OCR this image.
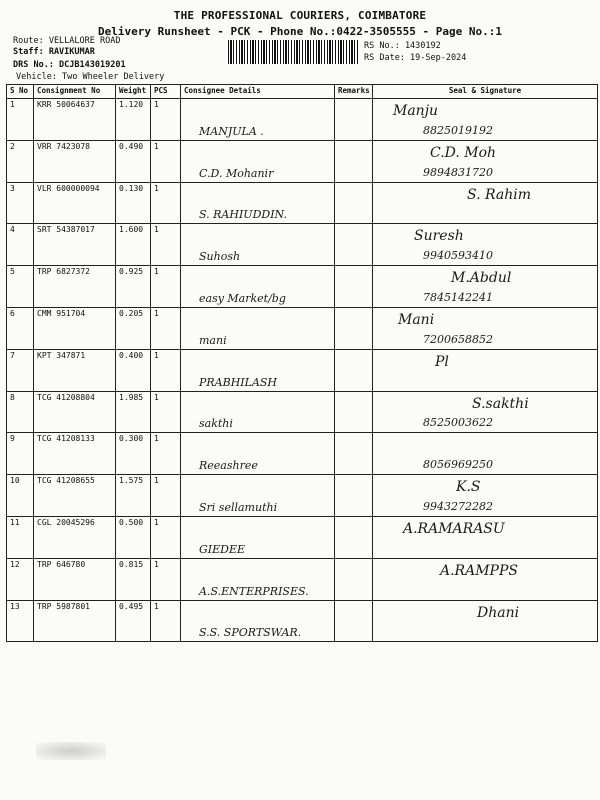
THE PROFESSIONAL COURIERS, COIMBATORE
Delivery Runsheet - PCK - Phone No.:0422-3505555 - Page No.:1
Route: VELLALORE ROAD
Staff: RAVIKUMAR
DRS No.: DCJB143019201
Vehicle: Two Wheeler Delivery
RS No.: 1430192
RS Date: 19-Sep-2024
S No	Consignment No	Weight	PCS	Consignee Details	Remarks	Seal & Signature
1	KRR 50064637	1.120	1	MANJULA .		Manju
8825019192

2	VRR 7423078	0.490	1	C.D. Mohanir		C.D. Moh
9894831720

3	VLR 600000094	0.130	1	S. RAHIUDDIN.		S. Rahim

4	SRT 54387017	1.600	1	Suhosh		Suresh
9940593410

5	TRP 6827372	0.925	1	easy Market/bg		M.Abdul
7845142241

6	CMM 951704	0.205	1	mani		Mani
7200658852

7	KPT 347871	0.400	1	PRABHILASH		Pl

8	TCG 41208804	1.985	1	sakthi		S.sakthi
8525003622

9	TCG 41208133	0.300	1	Reeashree		8056969250

10	TCG 41208655	1.575	1	Sri sellamuthi		K.S
9943272282

11	CGL 20045296	0.500	1	GIEDEE		A.RAMARASU

12	TRP 646780	0.815	1	A.S.ENTERPRISES.		A.RAMPPS

13	TRP 5987801	0.495	1	S.S. SPORTSWAR.		Dhani
